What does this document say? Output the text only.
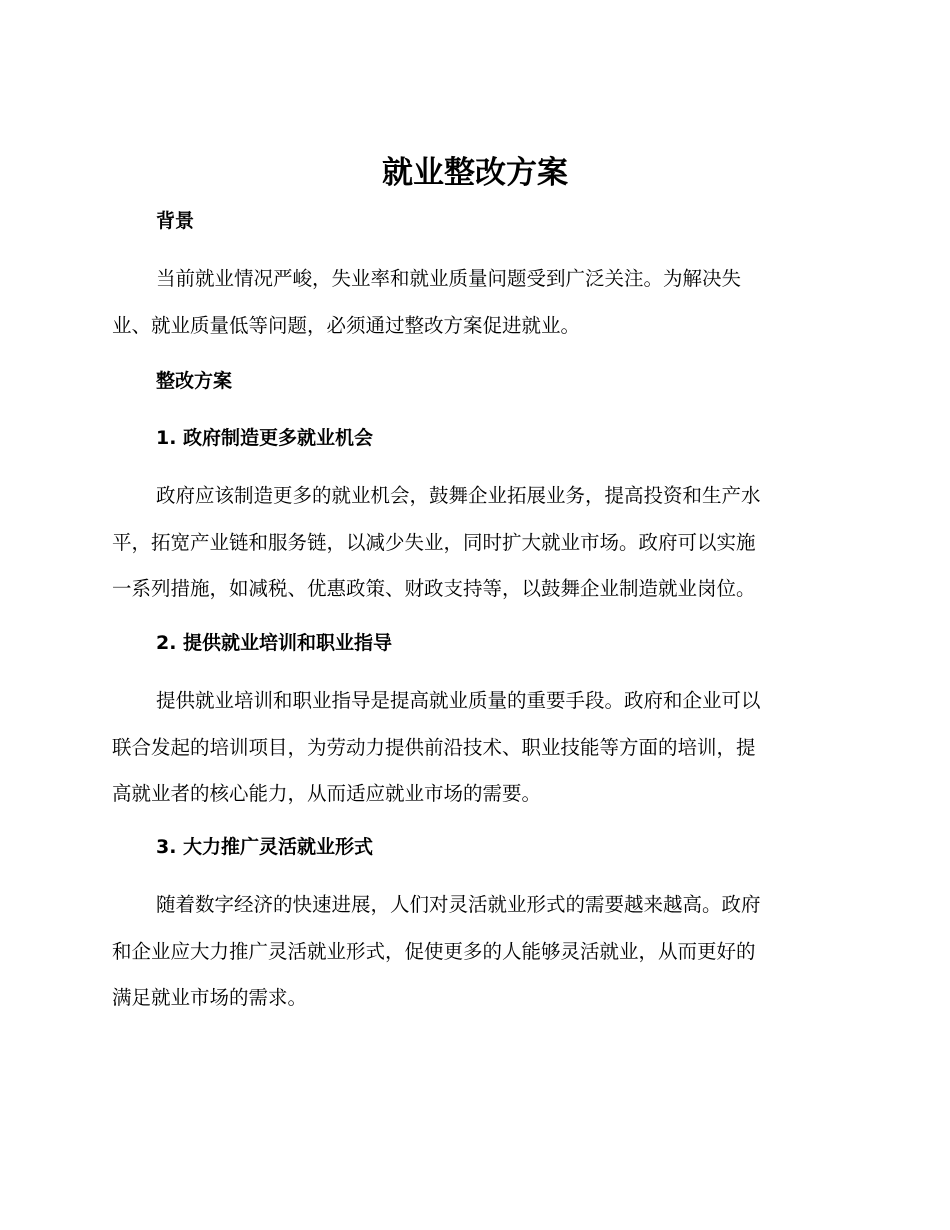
就业整改方案
背景
当前就业情况严峻，失业率和就业质量问题受到广泛关注。为解决失
业、就业质量低等问题，必须通过整改方案促进就业。
整改方案
1. 政府制造更多就业机会
政府应该制造更多的就业机会，鼓舞企业拓展业务，提高投资和生产水
平，拓宽产业链和服务链，以减少失业，同时扩大就业市场。政府可以实施
一系列措施，如减税、优惠政策、财政支持等，以鼓舞企业制造就业岗位。
2. 提供就业培训和职业指导
提供就业培训和职业指导是提高就业质量的重要手段。政府和企业可以
联合发起的培训项目，为劳动力提供前沿技术、职业技能等方面的培训，提
高就业者的核心能力，从而适应就业市场的需要。
3. 大力推广灵活就业形式
随着数字经济的快速进展，人们对灵活就业形式的需要越来越高。政府
和企业应大力推广灵活就业形式，促使更多的人能够灵活就业，从而更好的
满足就业市场的需求。
